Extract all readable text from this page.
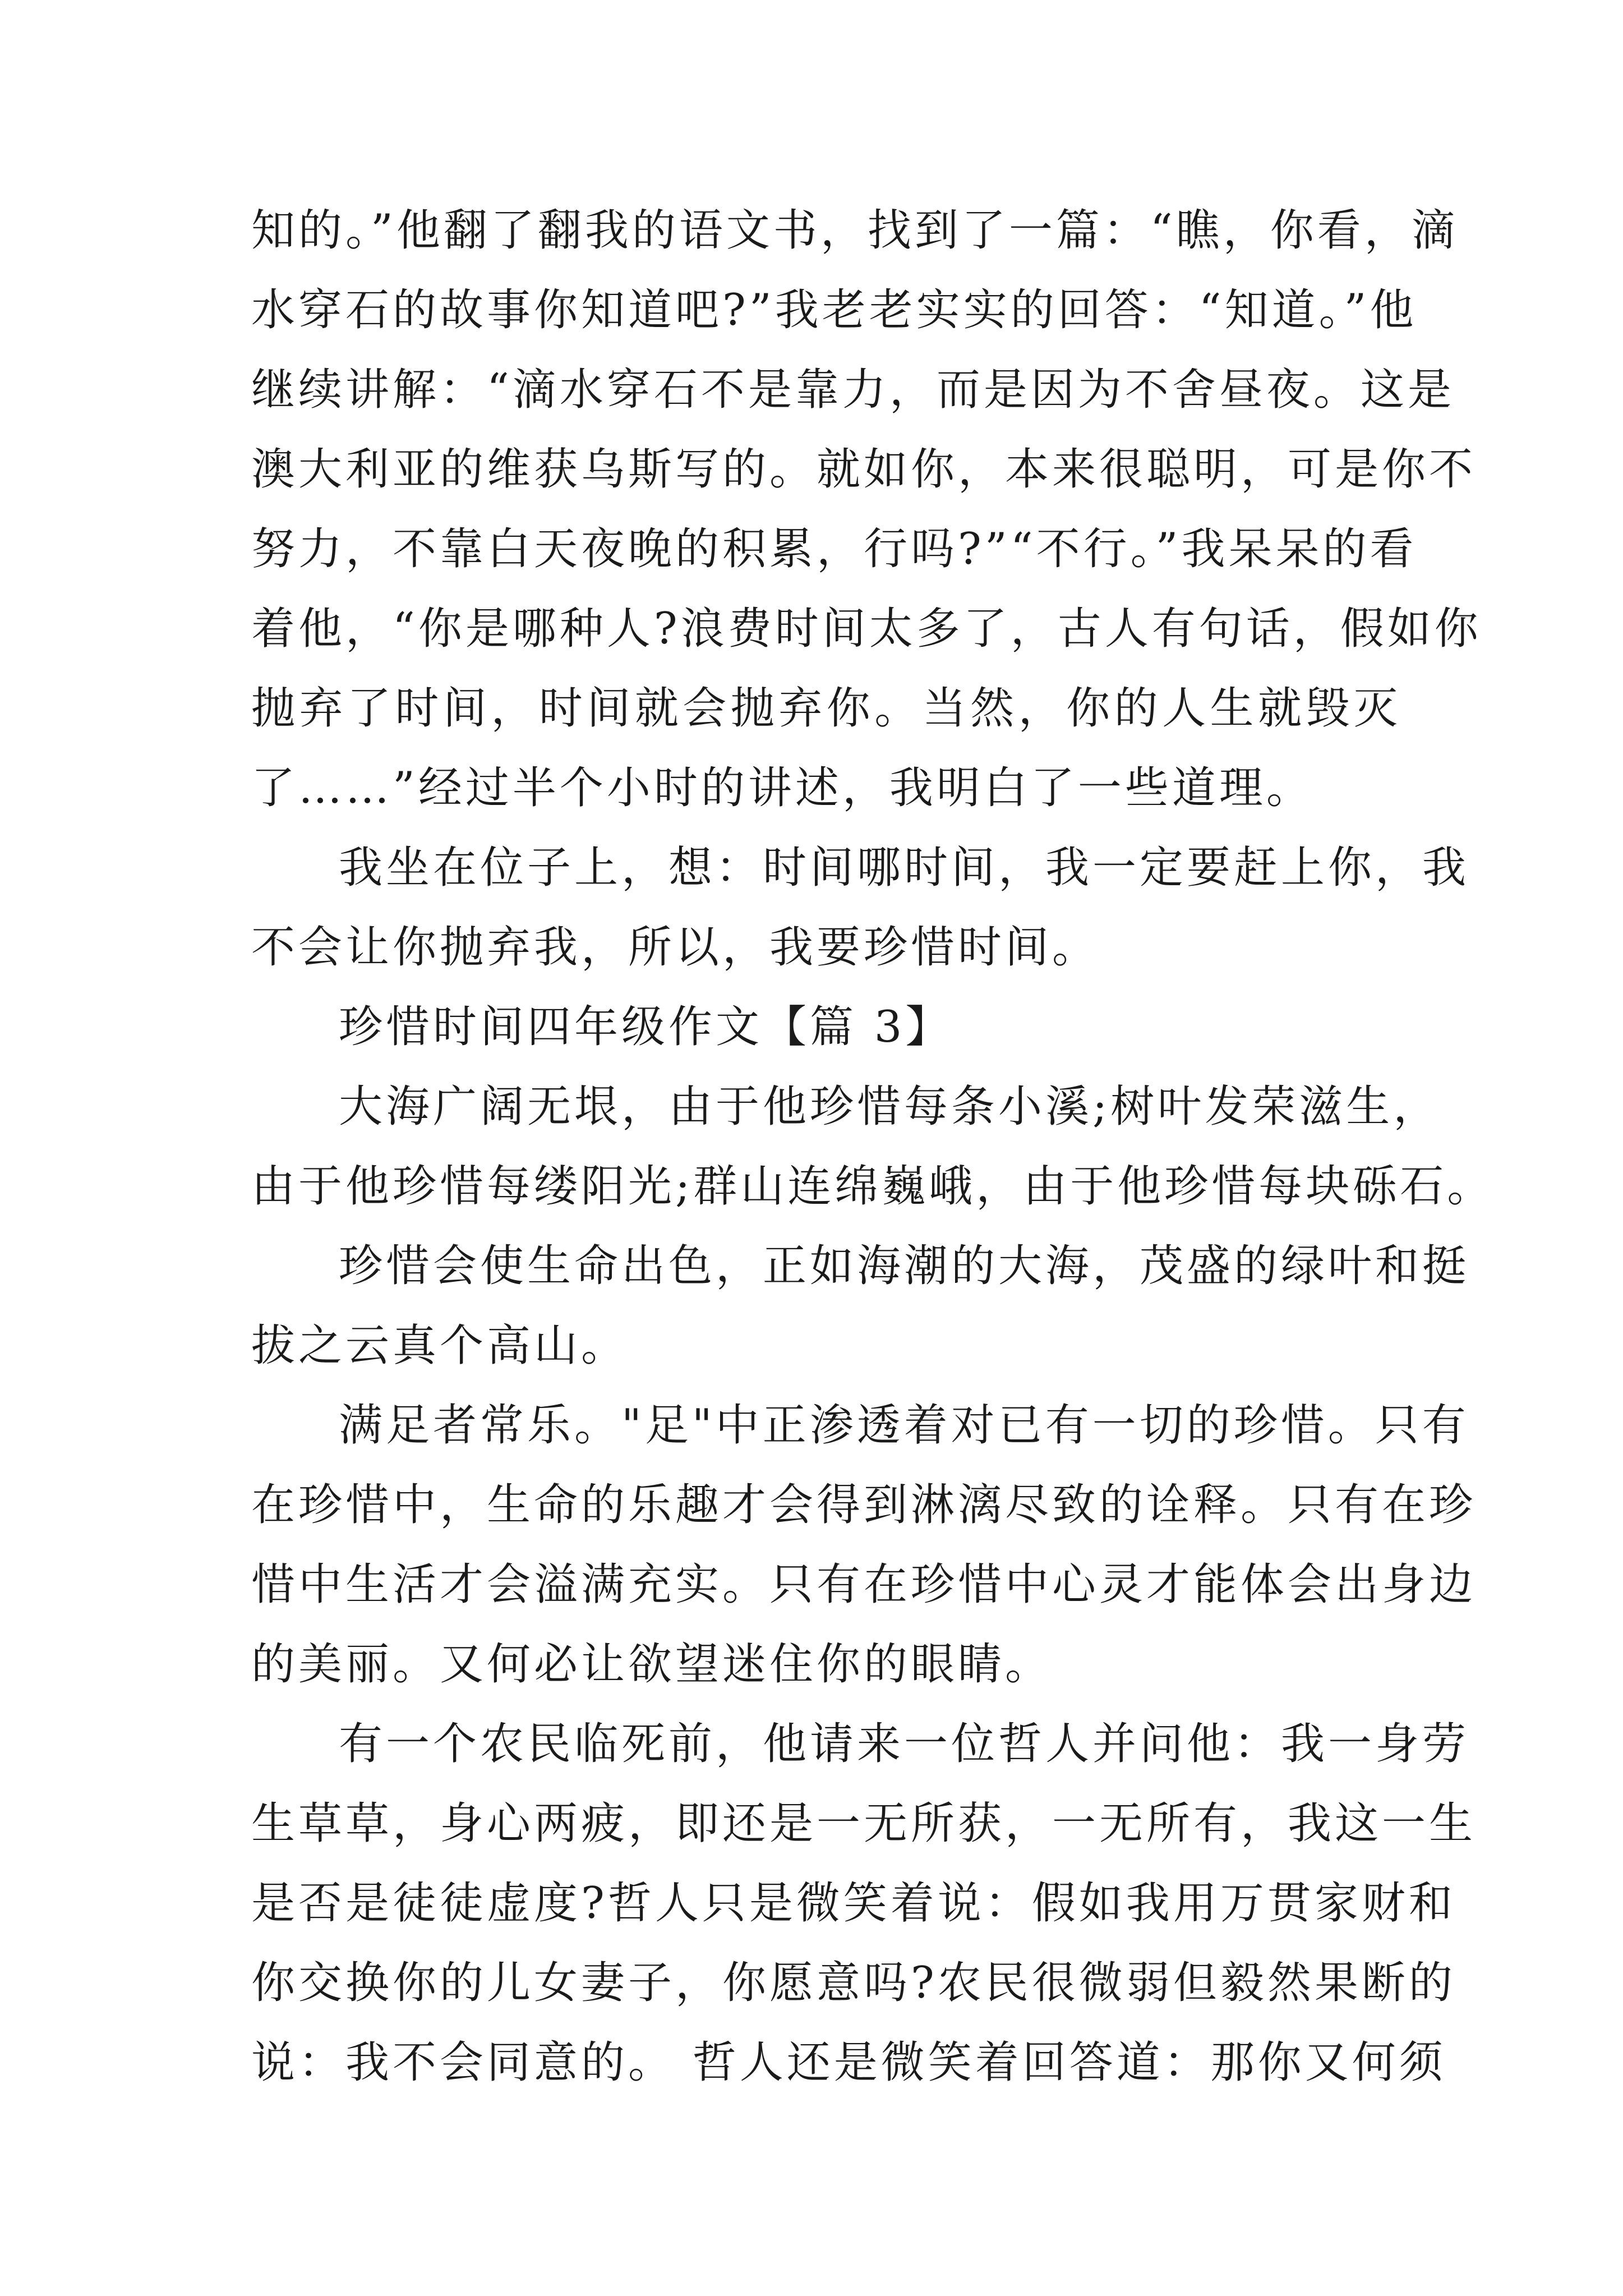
知的。”他翻了翻我的语文书，找到了一篇：“瞧，你看，滴
水穿石的故事你知道吧?”我老老实实的回答：“知道。”他
继续讲解：“滴水穿石不是靠力，而是因为不舍昼夜。这是
澳大利亚的维获乌斯写的。就如你，本来很聪明，可是你不
努力，不靠白天夜晚的积累，行吗?”“不行。”我呆呆的看
着他，“你是哪种人?浪费时间太多了，古人有句话，假如你
抛弃了时间，时间就会抛弃你。当然，你的人生就毁灭
了……”经过半个小时的讲述，我明白了一些道理。
我坐在位子上，想：时间哪时间，我一定要赶上你，我
不会让你抛弃我，所以，我要珍惜时间。
珍惜时间四年级作文【篇 3】
大海广阔无垠，由于他珍惜每条小溪;树叶发荣滋生，
由于他珍惜每缕阳光;群山连绵巍峨，由于他珍惜每块砾石。
珍惜会使生命出色，正如海潮的大海，茂盛的绿叶和挺
拔之云真个高山。
满足者常乐。"足"中正渗透着对已有一切的珍惜。只有
在珍惜中，生命的乐趣才会得到淋漓尽致的诠释。只有在珍
惜中生活才会溢满充实。只有在珍惜中心灵才能体会出身边
的美丽。又何必让欲望迷住你的眼睛。
有一个农民临死前，他请来一位哲人并问他：我一身劳
生草草，身心两疲，即还是一无所获，一无所有，我这一生
是否是徒徒虚度?哲人只是微笑着说：假如我用万贯家财和
你交换你的儿女妻子，你愿意吗?农民很微弱但毅然果断的
说：我不会同意的。 哲人还是微笑着回答道：那你又何须
